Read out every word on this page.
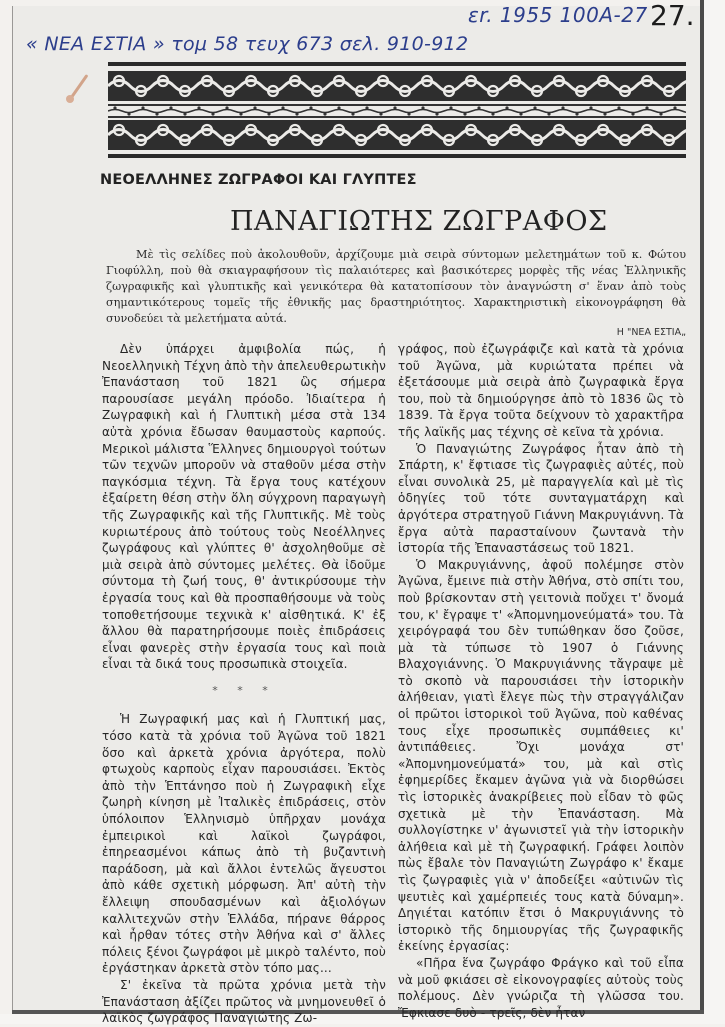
εr. 1955 100A-27 27.
« ΝΕΑ ΕΣΤΙΑ » τομ 58 τευχ 673 σελ. 910-912
ΝΕΟΕΛΛΗΝΕΣ ΖΩΓΡΑΦΟΙ ΚΑΙ ΓΛΥΠΤΕΣ
ΠΑΝΑΓΙΩΤΗΣ ΖΩΓΡΑΦΟΣ
Μὲ τὶς σελίδες ποὺ ἀκολουθοῦν, ἀρχίζουμε μιὰ σειρὰ σύντομων μελετημάτων τοῦ κ. Φώτου Γιοφύλλη, ποὺ θὰ σκιαγραφήσουν τὶς παλαιότερες καὶ βασικότερες μορφὲς τῆς νέας Ἑλληνικῆς ζωγραφικῆς καὶ γλυπτικῆς καὶ γενικότερα θὰ κατατοπίσουν τὸν ἀναγνώστη σ' ἕναν ἀπὸ τοὺς σημαντικότερους τομεῖς τῆς ἐθνικῆς μας δραστηριότητος. Χαρακτηριστικὴ εἰκονογράφηση θὰ συνοδεύει τὰ μελετήματα αὐτά.
Η "ΝΕΑ ΕΣΤΙΑ„

Δὲν ὑπάρχει ἀμφιβολία πώς, ἡ Νεοελληνικὴ Τέχνη ἀπὸ τὴν ἀπελευθερωτικὴν Ἐπανάσταση τοῦ 1821 ὣς σήμερα παρουσίασε μεγάλη πρόοδο. Ἰδιαίτερα ἡ Ζωγραφικὴ καὶ ἡ Γλυπτικὴ μέσα στὰ 134 αὐτὰ χρόνια ἔδωσαν θαυμαστοὺς καρπούς. Μερικοὶ μάλιστα Ἕλληνες δημιουργοὶ τούτων τῶν τεχνῶν μποροῦν νὰ σταθοῦν μέσα στὴν παγκόσμια τέχνη. Τὰ ἔργα τους κατέχουν ἐξαίρετη θέση στὴν ὅλη σύγχρονη παραγωγὴ τῆς Ζωγραφικῆς καὶ τῆς Γλυπτικῆς. Μὲ τοὺς κυριωτέρους ἀπὸ τούτους τοὺς Νεοέλληνες ζωγράφους καὶ γλύπτες θ' ἀσχοληθοῦμε σὲ μιὰ σειρὰ ἀπὸ σύντομες μελέτες. Θὰ ἰδοῦμε σύντομα τὴ ζωή τους, θ' ἀντικρύσουμε τὴν ἐργασία τους καὶ θὰ προσπαθήσουμε νὰ τοὺς τοποθετήσουμε τεχνικὰ κ' αἰσθητικά. Κ' ἐξ ἄλλου θὰ παρατηρήσουμε ποιὲς ἐπιδράσεις εἶναι φανερὲς στὴν ἐργασία τους καὶ ποιὰ εἶναι τὰ δικά τους προσωπικὰ στοιχεῖα.

* * *

Ἡ Ζωγραφική μας καὶ ἡ Γλυπτική μας, τόσο κατὰ τὰ χρόνια τοῦ Ἀγῶνα τοῦ 1821 ὅσο καὶ ἀρκετὰ χρόνια ἀργότερα, πολὺ φτωχοὺς καρποὺς εἶχαν παρουσιάσει. Ἐκτὸς ἀπὸ τὴν Ἑπτάνησο ποὺ ἡ Ζωγραφικὴ εἶχε ζωηρὴ κίνηση μὲ Ἰταλικὲς ἐπιδράσεις, στὸν ὑπόλοιπον Ἑλληνισμὸ ὑπῆρχαν μονάχα ἐμπειρικοὶ καὶ λαϊκοὶ ζωγράφοι, ἐπηρεασμένοι κάπως ἀπὸ τὴ βυζαντινὴ παράδοση, μὰ καὶ ἄλλοι ἐντελῶς ἄγευστοι ἀπὸ κάθε σχετικὴ μόρφωση. Ἀπ' αὐτὴ τὴν ἔλλειψη σπουδασμένων καὶ ἀξιολόγων καλλιτεχνῶν στὴν Ἑλλάδα, πήρανε θάρρος καὶ ἦρθαν τότες στὴν Ἀθήνα καὶ σ' ἄλλες πόλεις ξένοι ζωγράφοι μὲ μικρὸ ταλέντο, ποὺ ἐργάστηκαν ἀρκετὰ στὸν τόπο μας...

Σ' ἐκεῖνα τὰ πρῶτα χρόνια μετὰ τὴν Ἐπανάσταση ἀξίζει πρῶτος νὰ μνημονευθεῖ ὁ λαϊκὸς ζωγράφος Παναγιώτης Ζω-

γράφος, ποὺ ἐζωγράφιζε καὶ κατὰ τὰ χρόνια τοῦ Ἀγῶνα, μὰ κυριώτατα πρέπει νὰ ἐξετάσουμε μιὰ σειρὰ ἀπὸ ζωγραφικὰ ἔργα του, ποὺ τὰ δημιούργησε ἀπὸ τὸ 1836 ὣς τὸ 1839. Τὰ ἔργα τοῦτα δείχνουν τὸ χαρακτῆρα τῆς λαϊκῆς μας τέχνης σὲ κεῖνα τὰ χρόνια.

Ὁ Παναγιώτης Ζωγράφος ἦταν ἀπὸ τὴ Σπάρτη, κ' ἔφτιασε τὶς ζωγραφιὲς αὐτές, ποὺ εἶναι συνολικὰ 25, μὲ παραγγελία καὶ μὲ τὶς ὁδηγίες τοῦ τότε συνταγματάρχη καὶ ἀργότερα στρατηγοῦ Γιάννη Μακρυγιάννη. Τὰ ἔργα αὐτὰ παρασταίνουν ζωντανὰ τὴν ἱστορία τῆς Ἐπαναστάσεως τοῦ 1821.

Ὁ Μακρυγιάννης, ἀφοῦ πολέμησε στὸν Ἀγῶνα, ἔμεινε πιὰ στὴν Ἀθήνα, στὸ σπίτι του, ποὺ βρίσκονταν στὴ γειτονιὰ ποὔχει τ' ὄνομά του, κ' ἔγραψε τ' «Ἀπομνημονεύματά» του. Τὰ χειρόγραφά του δὲν τυπώθηκαν ὅσο ζοῦσε, μὰ τὰ τύπωσε τὸ 1907 ὁ Γιάννης Βλαχογιάννης. Ὁ Μακρυγιάννης τἄγραψε μὲ τὸ σκοπὸ νὰ παρουσιάσει τὴν ἱστορικὴν ἀλήθειαν, γιατὶ ἔλεγε πὼς τὴν στραγγάλιζαν οἱ πρῶτοι ἱστορικοὶ τοῦ Ἀγῶνα, ποὺ καθένας τους εἶχε προσωπικὲς συμπάθειες κι' ἀντιπάθειες. Ὄχι μονάχα στ' «Ἀπομνημονεύματά» του, μὰ καὶ στὶς ἐφημερίδες ἔκαμεν ἀγῶνα γιὰ νὰ διορθώσει τὶς ἱστορικὲς ἀνακρίβειες ποὺ εἶδαν τὸ φῶς σχετικὰ μὲ τὴν Ἐπανάσταση. Μὰ συλλογίστηκε ν' ἀγωνιστεῖ γιὰ τὴν ἱστορικὴν ἀλήθεια καὶ μὲ τὴ ζωγραφική. Γράφει λοιπὸν πὼς ἔβαλε τὸν Παναγιώτη Ζωγράφο κ' ἔκαμε τὶς ζωγραφιὲς γιὰ ν' ἀποδείξει «αὐτινῶν τὶς ψευτιὲς καὶ χαμέρπειές τους κατὰ δύναμη». Δηγιέται κατόπιν ἔτσι ὁ Μακρυγιάννης τὸ ἱστορικὸ τῆς δημιουργίας τῆς ζωγραφικῆς ἐκείνης ἐργασίας:

«Πῆρα ἕνα ζωγράφο Φράγκο καὶ τοῦ εἶπα νὰ μοῦ φκιάσει σὲ εἰκονογραφίες αὐτοὺς τοὺς πολέμους. Δὲν γνώριζα τὴ γλῶσσα του. Ἔφκιασε δυὸ - τρεῖς, δὲν ἦταν
